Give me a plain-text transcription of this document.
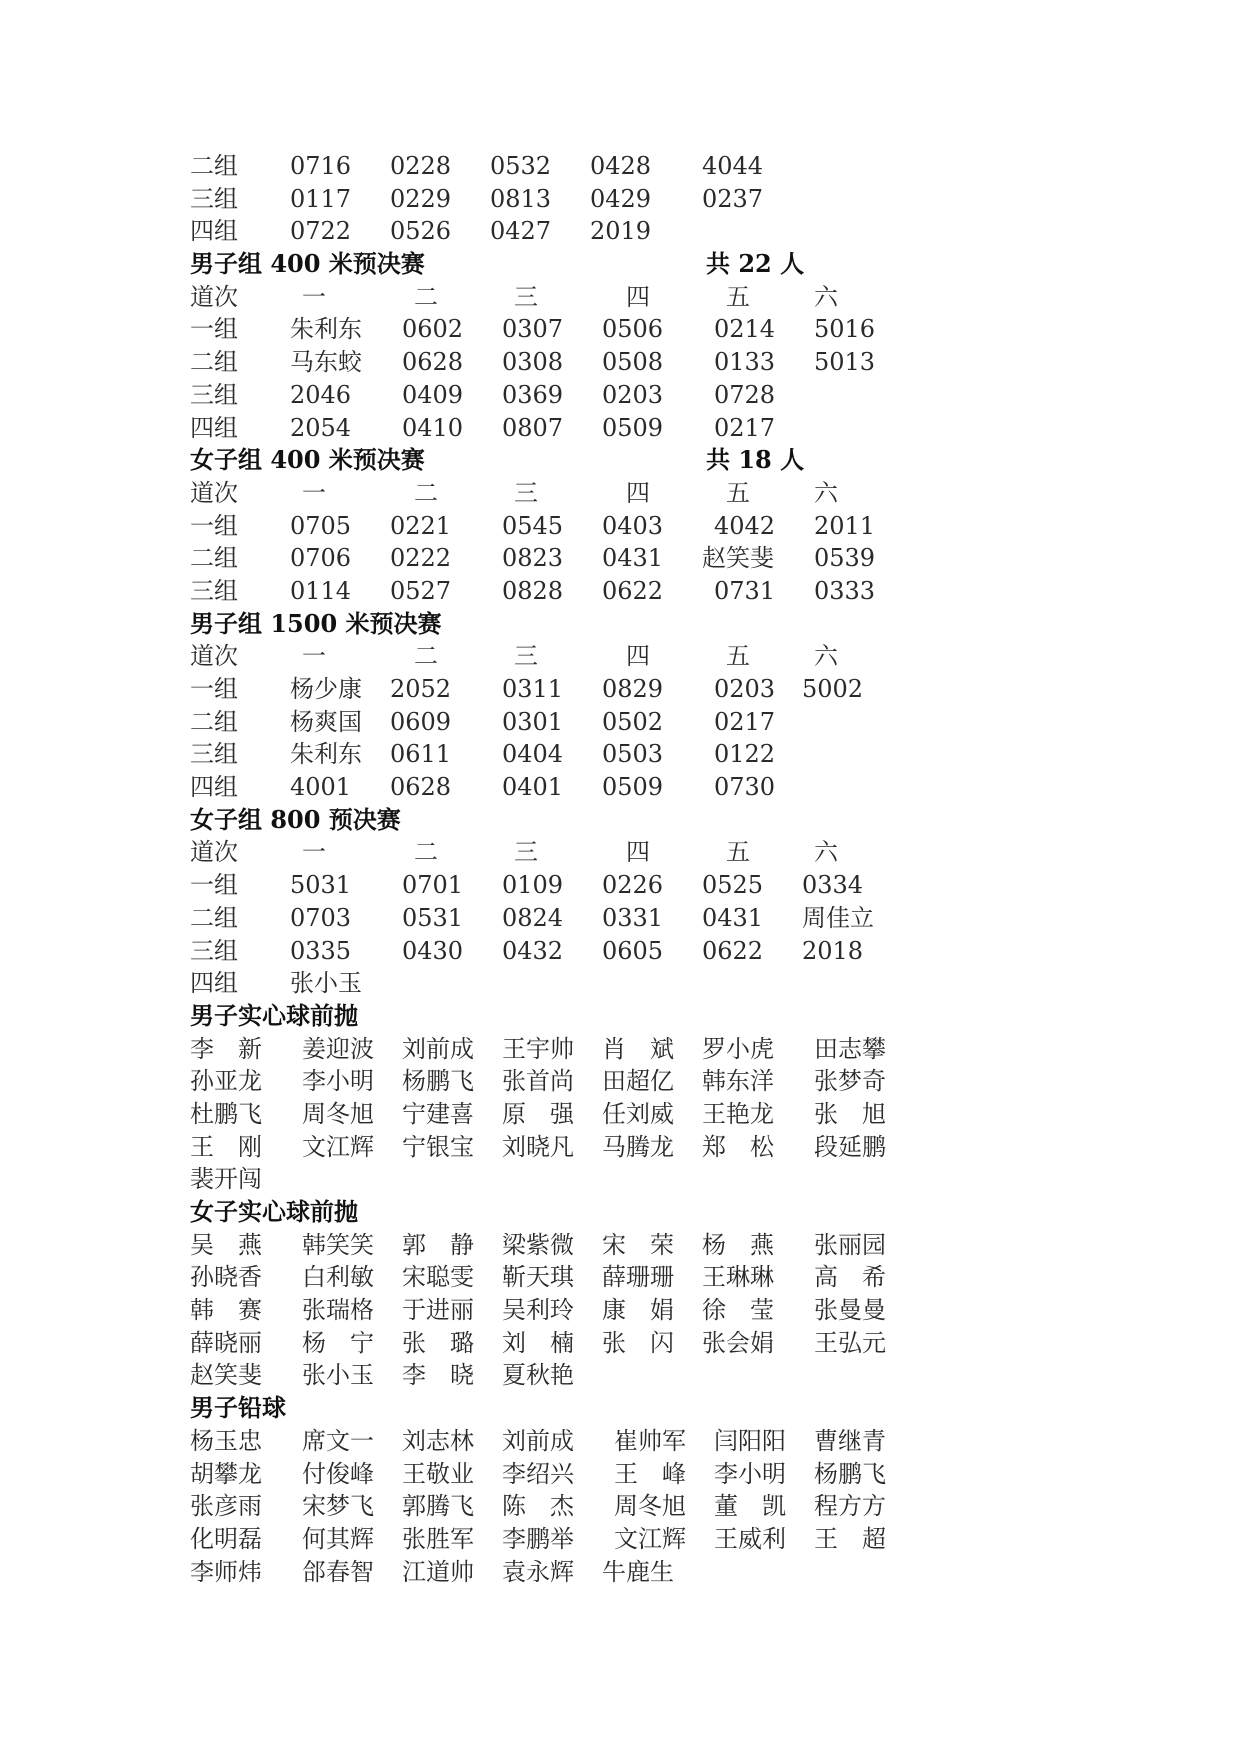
二组 0716 0228 0532 0428 4044
三组 0117 0229 0813 0429 0237
四组 0722 0526 0427 2019
男子组 400 米预决赛	共 22 人
道次	一	二	三	四	五	六
一组 朱利东 0602 0307 0506 0214 5016
二组 马东蛟 0628 0308 0508 0133 5013
三组 2046 0409 0369 0203 0728
四组 2054 0410 0807 0509 0217
女子组 400 米预决赛	共 18 人
道次	一	二	三	四	五	六
一组 0705 0221 0545 0403 4042 2011
二组 0706 0222 0823 0431 赵笑斐 0539
三组 0114 0527 0828 0622 0731 0333
男子组 1500 米预决赛
道次	一	二	三	四	五	六
一组 杨少康 2052 0311 0829 0203 5002
二组 杨爽国 0609 0301 0502 0217
三组 朱利东 0611 0404 0503 0122
四组 4001 0628 0401 0509 0730
女子组 800 预决赛
道次	一	二	三	四	五	六
一组 5031 0701 0109 0226 0525 0334
二组 0703 0531 0824 0331 0431 周佳立
三组 0335 0430 0432 0605 0622 2018
四组 张小玉
男子实心球前抛
李　新 姜迎波 刘前成 王宇帅 肖　斌 罗小虎 田志攀
孙亚龙 李小明 杨鹏飞 张首尚 田超亿 韩东洋 张梦奇
杜鹏飞 周冬旭 宁建喜 原　强 任刘威 王艳龙 张　旭
王　刚 文江辉 宁银宝 刘晓凡 马腾龙 郑　松 段延鹏
裴开闯
女子实心球前抛
吴　燕 韩笑笑 郭　静 梁紫微 宋　荣 杨　燕 张丽园
孙晓香 白利敏 宋聪雯 靳天琪 薛珊珊 王琳琳 高　希
韩　赛 张瑞格 于进丽 吴利玲 康　娟 徐　莹 张曼曼
薛晓丽 杨　宁 张　璐 刘　楠 张　闪 张会娟 王弘元
赵笑斐 张小玉 李　晓 夏秋艳
男子铅球
杨玉忠 席文一 刘志林 刘前成 崔帅军 闫阳阳 曹继青
胡攀龙 付俊峰 王敬业 李绍兴 王　峰 李小明 杨鹏飞
张彦雨 宋梦飞 郭腾飞 陈　杰 周冬旭 董　凯 程方方
化明磊 何其辉 张胜军 李鹏举 文江辉 王威利 王　超
李师炜 郃春智 江道帅 袁永辉 牛鹿生
